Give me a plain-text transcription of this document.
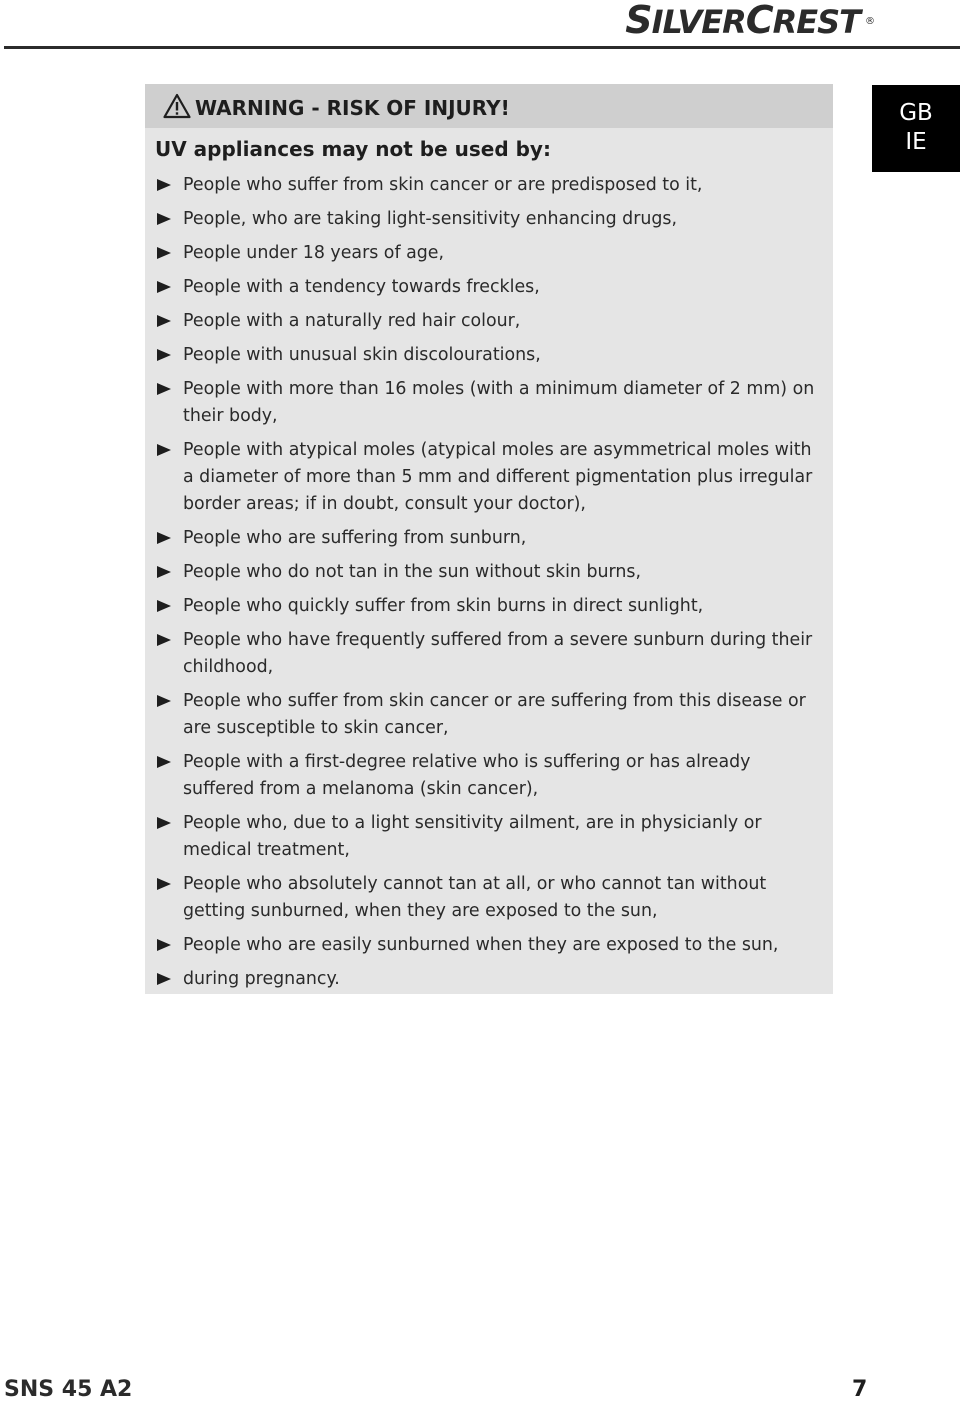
SILVERCREST ®
GB
IE
WARNING - RISK OF INJURY!
UV appliances may not be used by:
People who suffer from skin cancer or are predisposed to it,
People, who are taking light-sensitivity enhancing drugs,
People under 18 years of age,
People with a tendency towards freckles,
People with a naturally red hair colour,
People with unusual skin discolourations,
People with more than 16 moles (with a minimum diameter of 2 mm) on their body,
People with atypical moles (atypical moles are asymmetrical moles with a diameter of more than 5 mm and different pigmentation plus irregular border areas; if in doubt, consult your doctor),
People who are suffering from sunburn,
People who do not tan in the sun without skin burns,
People who quickly suffer from skin burns in direct sunlight,
People who have frequently suffered from a severe sunburn during their childhood,
People who suffer from skin cancer or are suffering from this disease or are susceptible to skin cancer,
People with a first-degree relative who is suffering or has already suffered from a melanoma (skin cancer),
People who, due to a light sensitivity ailment, are in physicianly or medical treatment,
People who absolutely cannot tan at all, or who cannot tan without getting sunburned, when they are exposed to the sun,
People who are easily sunburned when they are exposed to the sun,
during pregnancy.
SNS 45 A2	7
